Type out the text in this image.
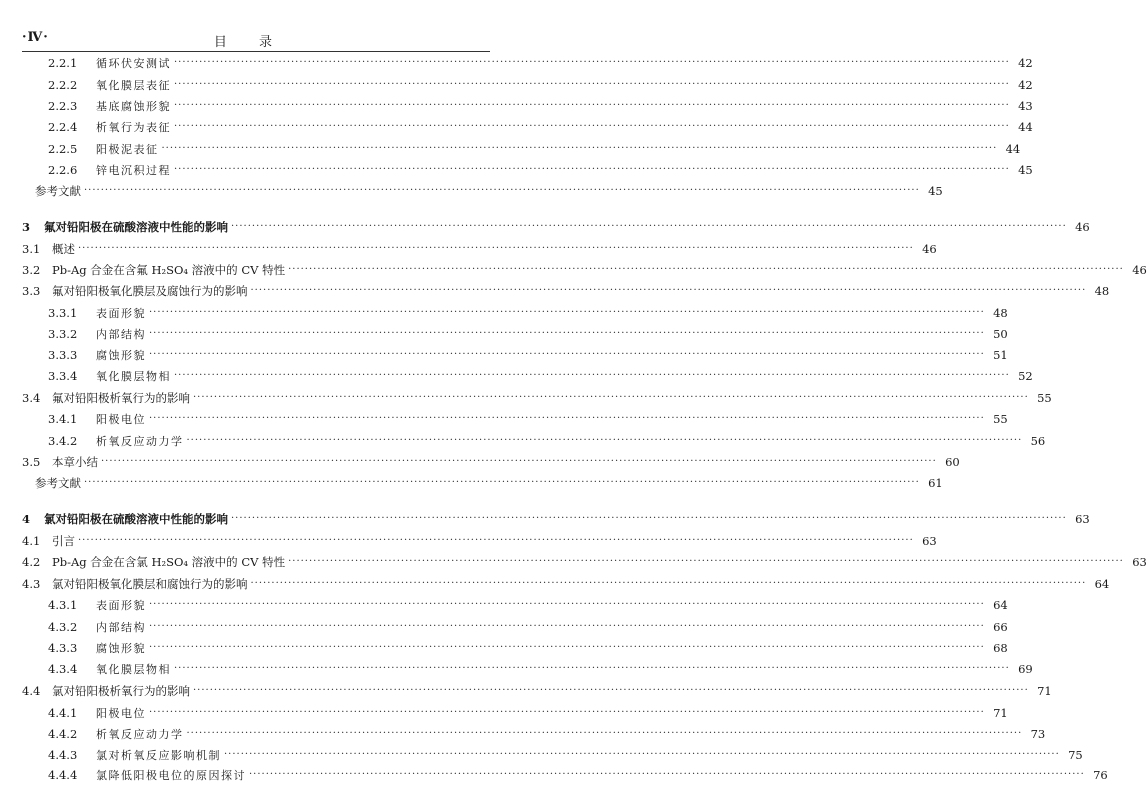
·Ⅳ·	目 录
2.2.1	循环伏安测试 ········································································································································································································ 42
2.2.2	氧化膜层表征 ········································································································································································································ 42
2.2.3	基底腐蚀形貌 ········································································································································································································ 43
2.2.4	析氧行为表征 ········································································································································································································ 44
2.2.5	阳极泥表征 ········································································································································································································ 44
2.2.6	锌电沉积过程 ········································································································································································································ 45
参考文献 ········································································································································································································ 45
3	氟对铅阳极在硫酸溶液中性能的影响 ········································································································································································································ 46
3.1	概述 ········································································································································································································ 46
3.2	Pb-Ag 合金在含氟 H₂SO₄ 溶液中的 CV 特性 ········································································································································································································ 46
3.3	氟对铅阳极氧化膜层及腐蚀行为的影响 ········································································································································································································ 48
3.3.1	表面形貌 ········································································································································································································ 48
3.3.2	内部结构 ········································································································································································································ 50
3.3.3	腐蚀形貌 ········································································································································································································ 51
3.3.4	氧化膜层物相 ········································································································································································································ 52
3.4	氟对铅阳极析氧行为的影响 ········································································································································································································ 55
3.4.1	阳极电位 ········································································································································································································ 55
3.4.2	析氧反应动力学 ········································································································································································································ 56
3.5	本章小结 ········································································································································································································ 60
参考文献 ········································································································································································································ 61
4	氯对铅阳极在硫酸溶液中性能的影响 ········································································································································································································ 63
4.1	引言 ········································································································································································································ 63
4.2	Pb-Ag 合金在含氯 H₂SO₄ 溶液中的 CV 特性 ········································································································································································································ 63
4.3	氯对铅阳极氧化膜层和腐蚀行为的影响 ········································································································································································································ 64
4.3.1	表面形貌 ········································································································································································································ 64
4.3.2	内部结构 ········································································································································································································ 66
4.3.3	腐蚀形貌 ········································································································································································································ 68
4.3.4	氧化膜层物相 ········································································································································································································ 69
4.4	氯对铅阳极析氧行为的影响 ········································································································································································································ 71
4.4.1	阳极电位 ········································································································································································································ 71
4.4.2	析氧反应动力学 ········································································································································································································ 73
4.4.3	氯对析氧反应影响机制 ········································································································································································································ 75
4.4.4	氯降低阳极电位的原因探讨 ········································································································································································································ 76
